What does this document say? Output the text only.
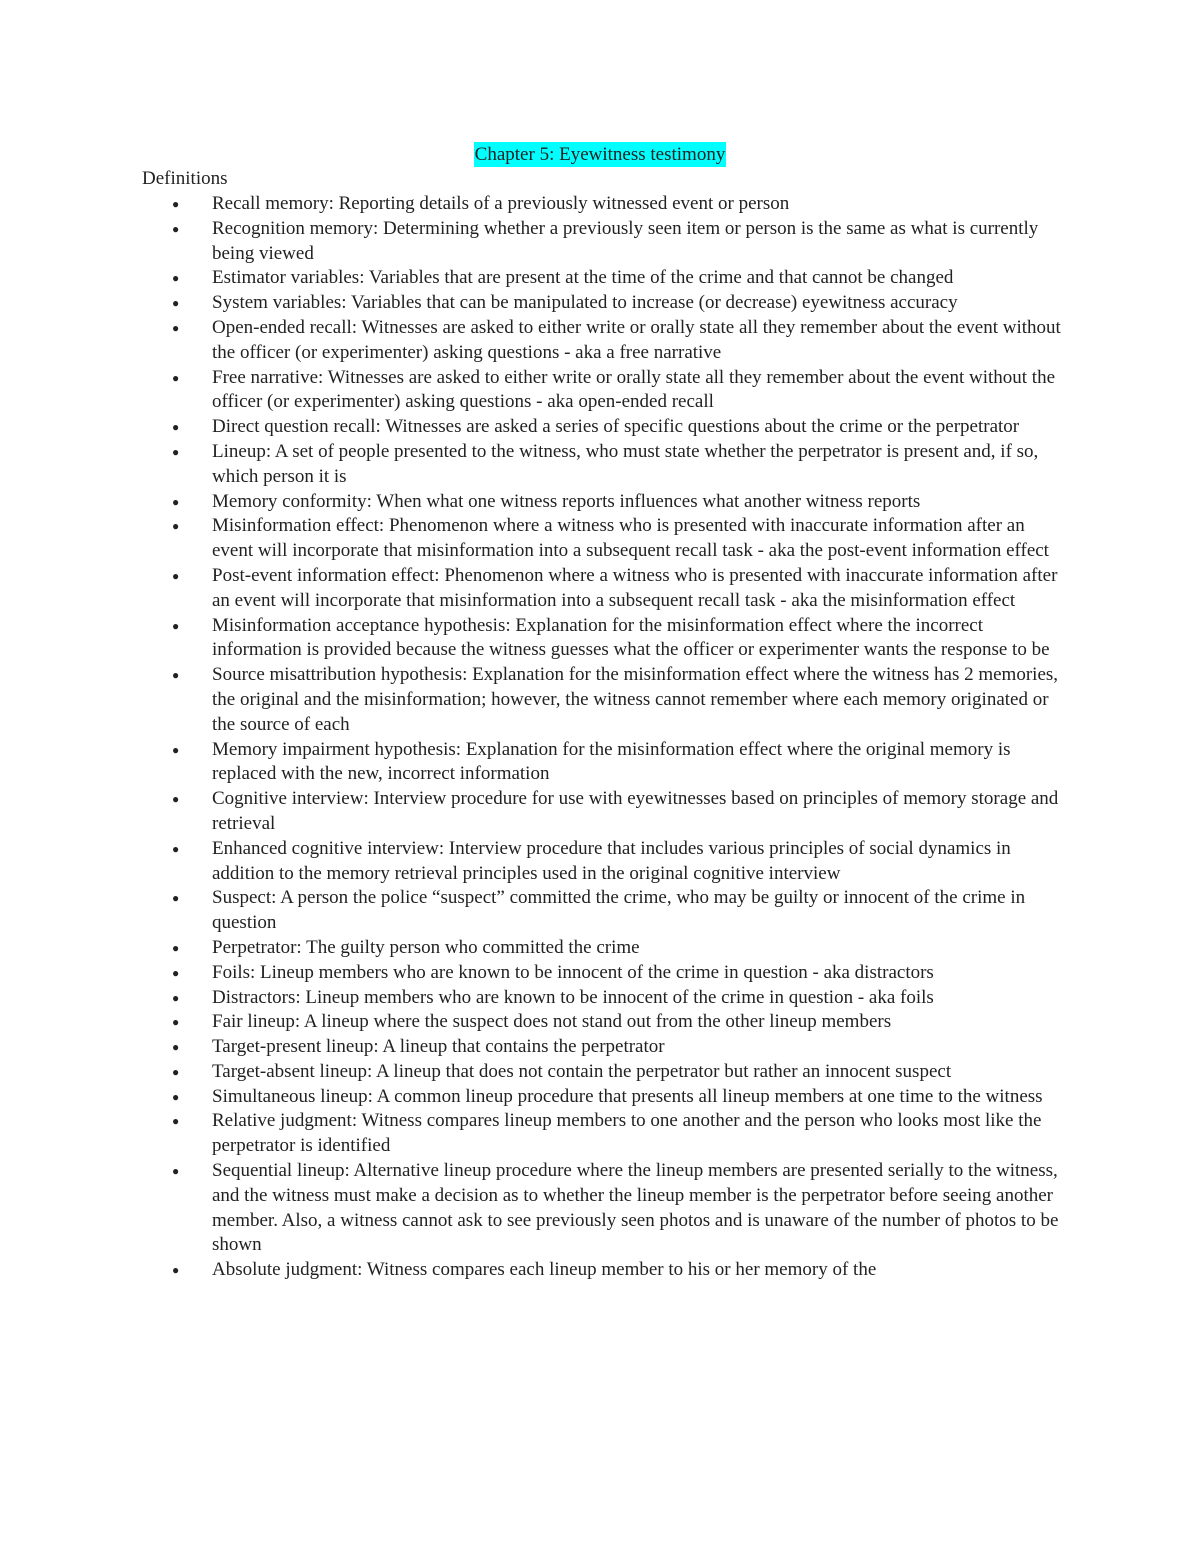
Chapter 5: Eyewitness testimony

Definitions

● Recall memory: Reporting details of a previously witnessed event or person
● Recognition memory: Determining whether a previously seen item or person is the same as what is currently being viewed
● Estimator variables: Variables that are present at the time of the crime and that cannot be changed
● System variables: Variables that can be manipulated to increase (or decrease) eyewitness accuracy
● Open-ended recall: Witnesses are asked to either write or orally state all they remember about the event without the officer (or experimenter) asking questions - aka a free narrative
● Free narrative: Witnesses are asked to either write or orally state all they remember about the event without the officer (or experimenter) asking questions - aka open-ended recall
● Direct question recall: Witnesses are asked a series of specific questions about the crime or the perpetrator
● Lineup: A set of people presented to the witness, who must state whether the perpetrator is present and, if so, which person it is
● Memory conformity: When what one witness reports influences what another witness reports
● Misinformation effect: Phenomenon where a witness who is presented with inaccurate information after an event will incorporate that misinformation into a subsequent recall task - aka the post-event information effect
● Post-event information effect: Phenomenon where a witness who is presented with inaccurate information after an event will incorporate that misinformation into a subsequent recall task - aka the misinformation effect
● Misinformation acceptance hypothesis: Explanation for the misinformation effect where the incorrect information is provided because the witness guesses what the officer or experimenter wants the response to be
● Source misattribution hypothesis: Explanation for the misinformation effect where the witness has 2 memories, the original and the misinformation; however, the witness cannot remember where each memory originated or the source of each
● Memory impairment hypothesis: Explanation for the misinformation effect where the original memory is replaced with the new, incorrect information
● Cognitive interview: Interview procedure for use with eyewitnesses based on principles of memory storage and retrieval
● Enhanced cognitive interview: Interview procedure that includes various principles of social dynamics in addition to the memory retrieval principles used in the original cognitive interview
● Suspect: A person the police “suspect” committed the crime, who may be guilty or innocent of the crime in question
● Perpetrator: The guilty person who committed the crime
● Foils: Lineup members who are known to be innocent of the crime in question - aka distractors
● Distractors: Lineup members who are known to be innocent of the crime in question - aka foils
● Fair lineup: A lineup where the suspect does not stand out from the other lineup members
● Target-present lineup: A lineup that contains the perpetrator
● Target-absent lineup: A lineup that does not contain the perpetrator but rather an innocent suspect
● Simultaneous lineup: A common lineup procedure that presents all lineup members at one time to the witness
● Relative judgment: Witness compares lineup members to one another and the person who looks most like the perpetrator is identified
● Sequential lineup: Alternative lineup procedure where the lineup members are presented serially to the witness, and the witness must make a decision as to whether the lineup member is the perpetrator before seeing another member. Also, a witness cannot ask to see previously seen photos and is unaware of the number of photos to be shown
● Absolute judgment: Witness compares each lineup member to his or her memory of the
